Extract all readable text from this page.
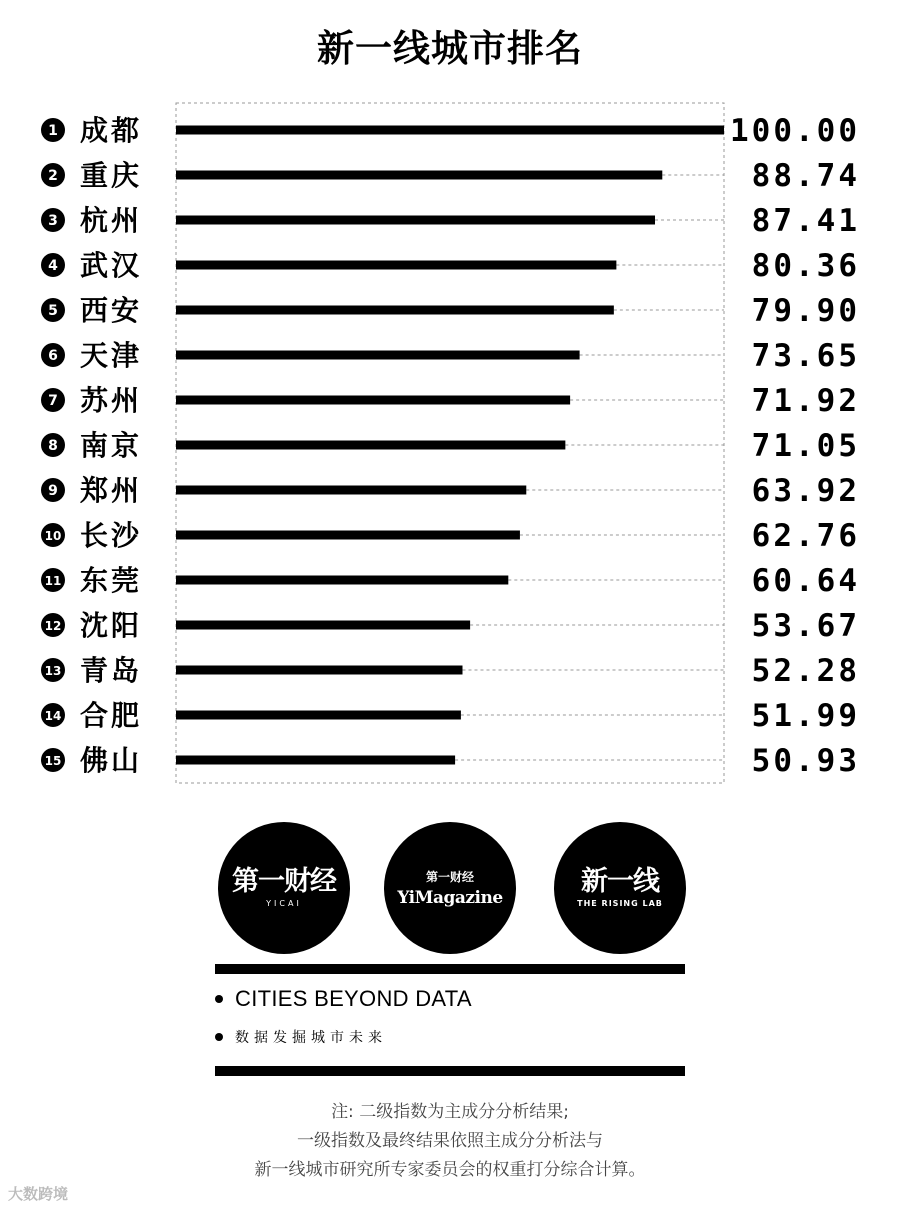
新一线城市排名
1 成都	100.00
2 重庆	88.74
3 杭州	87.41
4 武汉	80.36
5 西安	79.90
6 天津	73.65
7 苏州	71.92
8 南京	71.05
9 郑州	63.92
10 长沙	62.76
11 东莞	60.64
12 沈阳	53.67
13 青岛	52.28
14 合肥	51.99
15 佛山	50.93
第一财经
YICAI
第一财经
YiMagazine
新一线
THE RISING LAB
CITIES BEYOND DATA
数据发掘城市未来
注: 二级指数为主成分分析结果;
一级指数及最终结果依照主成分分析法与
新一线城市研究所专家委员会的权重打分综合计算。
大数跨境
